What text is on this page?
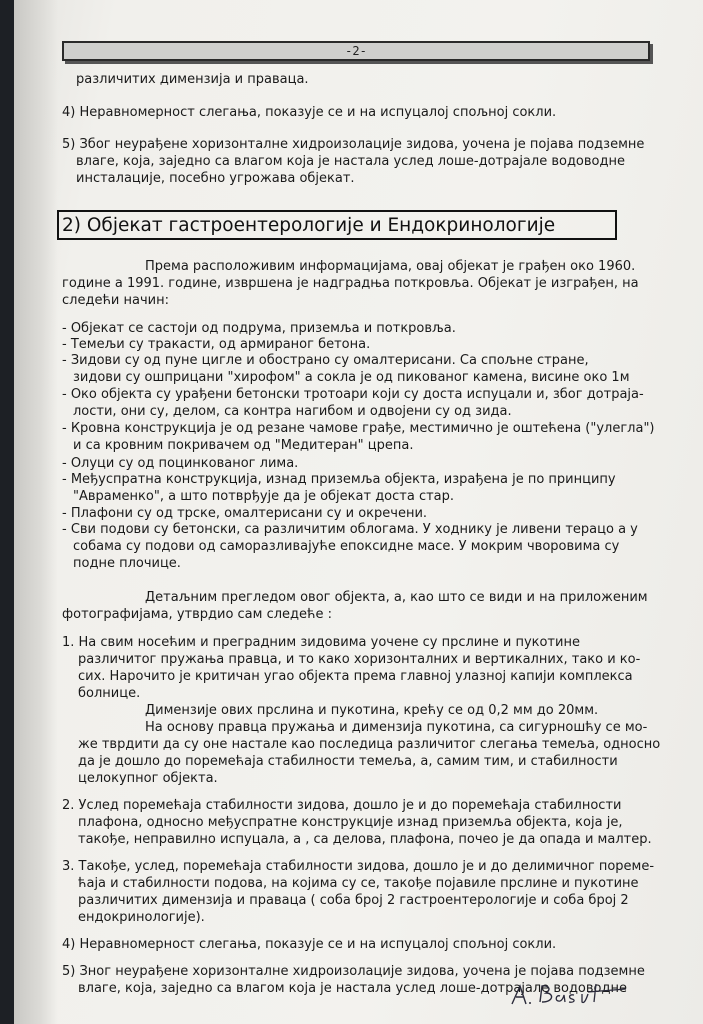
-2-
различитих димензија и праваца.
4) Неравномерност слегања, показује се и на испуцалој спољној сокли.
5) Због неурађене хоризонталне хидроизолације зидова, уочена је појава подземне
влаге, која, заједно са влагом која је настала услед лоше-дотрајале водоводне
инсталације, посебно угрожава објекат.
2) Објекат гастроентерологије и Ендокринологије
Према расположивим информацијама, овај објекат је грађен око 1960.
године а 1991. године, извршена је надградња поткровља. Објекат је изграђен, на
следећи начин:
- Објекат се састоји од подрума, приземља и поткровља.
- Темељи су тракасти, од армираног бетона.
- Зидови су од пуне цигле и обострано су омалтерисани. Са спољне стране,
зидови су ошприцани "хирофом" а сокла је од пикованог камена, висине око 1м
- Око објекта су урађени бетонски тротоари који су доста испуцали и, због дотраја-
лости, они су, делом, са контра нагибом и одвојени су од зида.
- Кровна конструкција је од резане чамове грађе, местимично је оштећена ("улегла")
и са кровним покривачем од "Медитеран" црепа.
- Олуци су од поцинкованог лима.
- Међуспратна конструкција, изнад приземља објекта, израђена је по принципу
"Авраменко", а што потврђује да је објекат доста стар.
- Плафони су од трске, омалтерисани су и окречени.
- Сви подови су бетонски, са различитим облогама. У ходнику је ливени терацо а у
собама су подови од саморазливајуће епоксидне масе. У мокрим чворовима су
подне плочице.
Детаљним прегледом овог објекта, а, као што се види и на приложеним
фотографијама, утврдио сам следеће :
1. На свим носећим и преградним зидовима уочене су прслине и пукотине
различитог пружања правца, и то како хоризонталних и вертикалних, тако и ко-
сих. Нарочито је критичан угао објекта према главној улазној капији комплекса
болнице.
Димензије ових прслина и пукотина, крећу се од 0,2 мм до 20мм.
На основу правца пружања и димензија пукотина, са сигурношћу се мо-
же тврдити да су оне настале као последица различитог слегања темеља, односно
да је дошло до поремећаја стабилности темеља, а, самим тим, и стабилности
целокупног објекта.
2. Услед поремећаја стабилности зидова, дошло је и до поремећаја стабилности
плафона, односно међуспратне конструкције изнад приземља објекта, која је,
такође, неправилно испуцала, а , са делова, плафона, почео је да опада и малтер.
3. Такође, услед, поремећаја стабилности зидова, дошло је и до делимичног пореме-
ћаја и стабилности подова, на којима су се, такође појавиле прслине и пукотине
различитих димензија и правaца ( соба број 2 гастроентерологије и соба број 2
ендокринологије).
4) Неравномерност слегања, показује се и на испуцалој спољној сокли.
5) Зног неурађене хоризонталне хидроизолације зидова, уочена је појава подземне
влаге, која, заједно са влагом која је настала услед лоше-дотрајале водоводне
